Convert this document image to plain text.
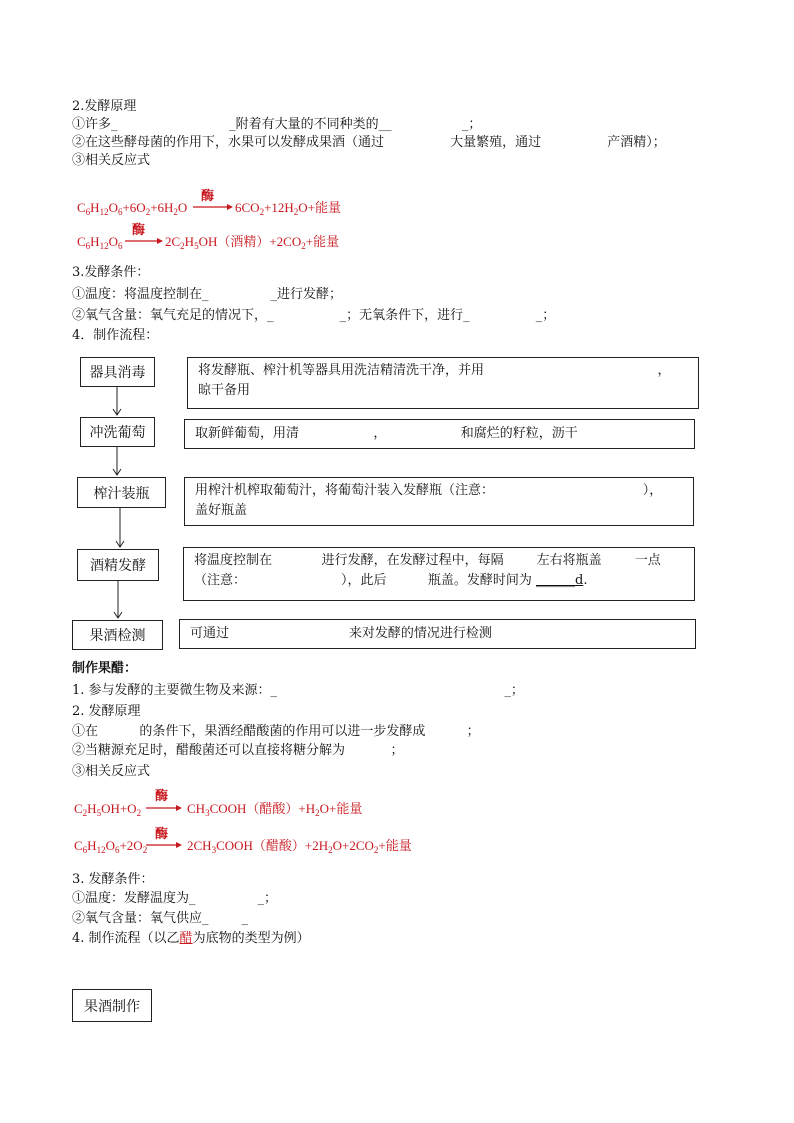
2.发酵原理
①许多_                           _附着有大量的不同种类的__                 _；
②在这些酵母菌的作用下，水果可以发酵成果酒（通过                大量繁殖，通过                产酒精）；
③相关反应式
$C_6H_{12}O_6+6O_2+6H_2O$
酶
→ $6CO_2+12H_2O+$能量
$C_6H_{12}O_6$
酶
→ $2C_2H_5OH$（酒精）$+2CO_2+$能量
3.发酵条件：
①温度：将温度控制在_               _进行发酵；
②氧气含量：氧气充足的情况下，_                _；无氧条件下，进行_                _；
4．制作流程：
器具消毒
冲洗葡萄
榨汁装瓶
酒精发酵
果酒检测
将发酵瓶、榨汁机等器具用洗洁精清洗干净，并用                                          ，
晾干备用
取新鲜葡萄，用清                  ，                  和腐烂的籽粒，沥干
用榨汁机榨取葡萄汁，将葡萄汁装入发酵瓶（注意：                                    ），
盖好瓶盖
将温度控制在            进行发酵，在发酵过程中，每隔        左右将瓶盖        一点
（注意：                       ），此后          瓶盖。发酵时间为 ______d.
可通过                             来对发酵的情况进行检测
制作果醋：
1. 参与发酵的主要微生物及来源：_                                                       _；
2. 发酵原理
①在          的条件下，果酒经醋酸菌的作用可以进一步发酵成          ；
②当糖源充足时，醋酸菌还可以直接将糖分解为           ；
③相关反应式
$C_2H_5OH+O_2$
酶
→ $CH_3COOH$（醋酸）$+H_2O+$能量
$C_6H_{12}O_6+2O_2$
酶
→ $2CH_3COOH$（醋酸）$+2H_2O+2CO_2+$能量
3. 发酵条件：
①温度：发酵温度为_               _；
②氧气含量：氧气供应_        _
4. 制作流程（以乙醋为底物的类型为例）
果酒制作
